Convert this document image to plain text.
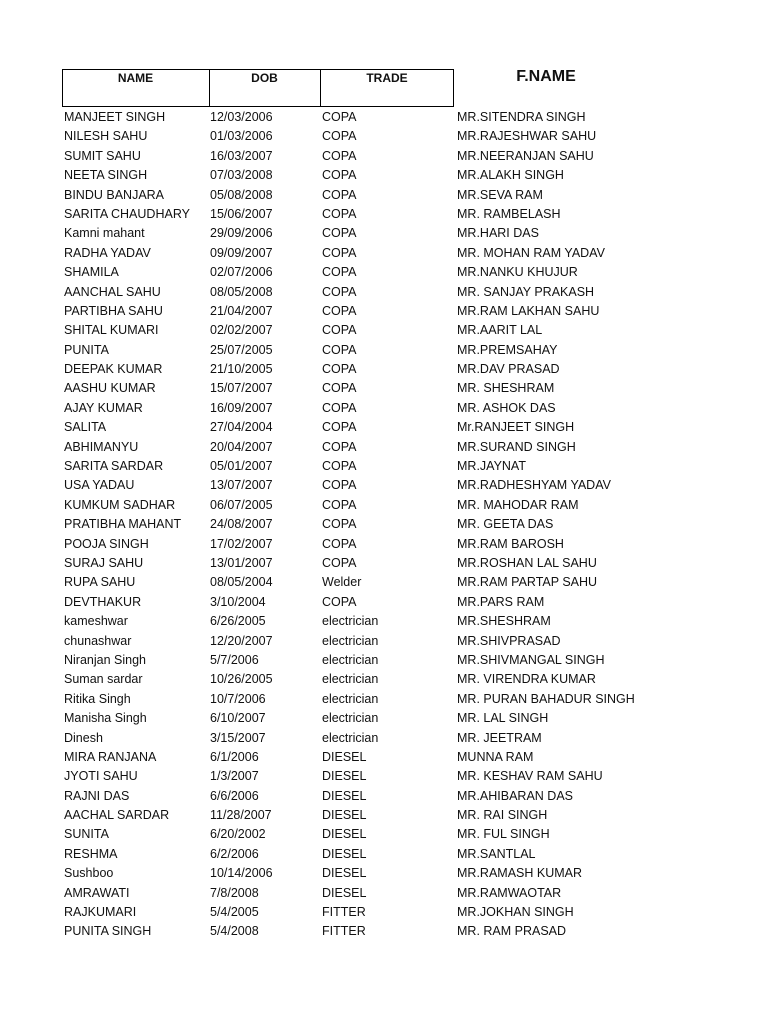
NAME	DOB	TRADE	F.NAME
MANJEET SINGH	12/03/2006	COPA	MR.SITENDRA SINGH
NILESH SAHU	01/03/2006	COPA	MR.RAJESHWAR SAHU
SUMIT SAHU	16/03/2007	COPA	MR.NEERANJAN SAHU
NEETA SINGH	07/03/2008	COPA	MR.ALAKH SINGH
BINDU BANJARA	05/08/2008	COPA	MR.SEVA RAM
SARITA CHAUDHARY 15/06/2007	COPA	MR. RAMBELASH
Kamni mahant	29/09/2006	COPA	MR.HARI DAS
RADHA YADAV	09/09/2007	COPA	MR. MOHAN RAM YADAV
SHAMILA	02/07/2006	COPA	MR.NANKU KHUJUR
AANCHAL SAHU	08/05/2008	COPA	MR. SANJAY PRAKASH
PARTIBHA SAHU	21/04/2007	COPA	MR.RAM LAKHAN SAHU
SHITAL KUMARI	02/02/2007	COPA	MR.AARIT LAL
PUNITA	25/07/2005	COPA	MR.PREMSAHAY
DEEPAK KUMAR	21/10/2005	COPA	MR.DAV PRASAD
AASHU KUMAR	15/07/2007	COPA	MR. SHESHRAM
AJAY KUMAR	16/09/2007	COPA	MR. ASHOK DAS
SALITA	27/04/2004	COPA	Mr.RANJEET SINGH
ABHIMANYU	20/04/2007	COPA	MR.SURAND SINGH
SARITA SARDAR	05/01/2007	COPA	MR.JAYNAT
USA YADAU	13/07/2007	COPA	MR.RADHESHYAM YADAV
KUMKUM SADHAR	06/07/2005	COPA	MR. MAHODAR RAM
PRATIBHA MAHANT 24/08/2007	COPA	MR. GEETA DAS
POOJA SINGH	17/02/2007	COPA	MR.RAM BAROSH
SURAJ SAHU	13/01/2007	COPA	MR.ROSHAN LAL SAHU
RUPA SAHU	08/05/2004	Welder	MR.RAM PARTAP SAHU
DEVTHAKUR	3/10/2004	COPA	MR.PARS RAM
kameshwar	6/26/2005	electrician	MR.SHESHRAM
chunashwar	12/20/2007	electrician	MR.SHIVPRASAD
Niranjan Singh	5/7/2006	electrician	MR.SHIVMANGAL SINGH
Suman sardar	10/26/2005	electrician	MR. VIRENDRA KUMAR
Ritika Singh	10/7/2006	electrician	MR. PURAN BAHADUR SINGH
Manisha Singh	6/10/2007	electrician	MR. LAL SINGH
Dinesh	3/15/2007	electrician	MR. JEETRAM
MIRA RANJANA	6/1/2006	DIESEL	MUNNA RAM
JYOTI SAHU	1/3/2007	DIESEL	MR. KESHAV RAM SAHU
RAJNI DAS	6/6/2006	DIESEL	MR.AHIBARAN DAS
AACHAL SARDAR	11/28/2007	DIESEL	MR. RAI SINGH
SUNITA	6/20/2002	DIESEL	MR. FUL SINGH
RESHMA	6/2/2006	DIESEL	MR.SANTLAL
Sushboo	10/14/2006	DIESEL	MR.RAMASH KUMAR
AMRAWATI	7/8/2008	DIESEL	MR.RAMWAOTAR
RAJKUMARI	5/4/2005	FITTER	MR.JOKHAN SINGH
PUNITA SINGH	5/4/2008	FITTER	MR. RAM PRASAD
